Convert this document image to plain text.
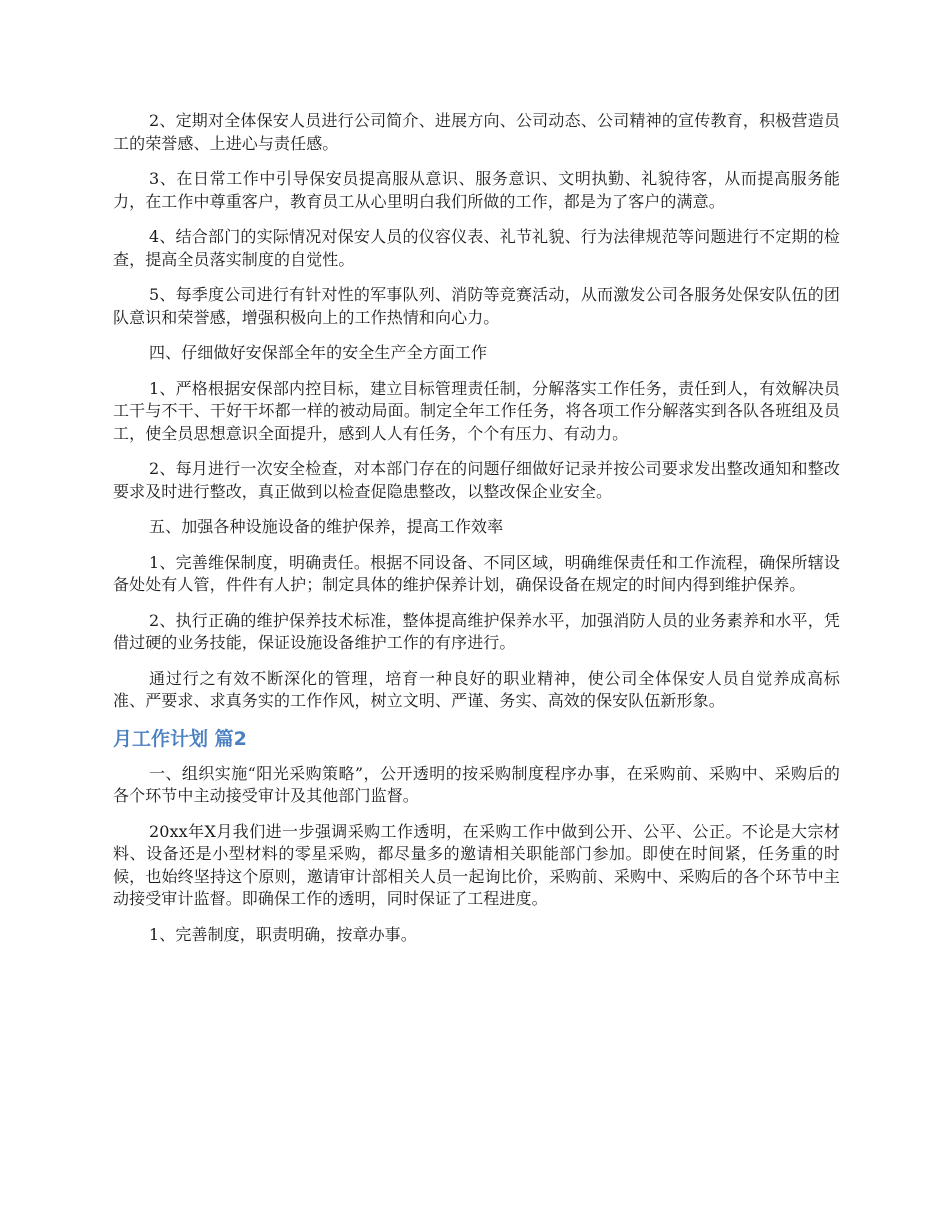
2、定期对全体保安人员进行公司简介、进展方向、公司动态、公司精神的宣传教育，积极营造员工的荣誉感、上进心与责任感。

3、在日常工作中引导保安员提高服从意识、服务意识、文明执勤、礼貌待客，从而提高服务能力，在工作中尊重客户，教育员工从心里明白我们所做的工作，都是为了客户的满意。

4、结合部门的实际情况对保安人员的仪容仪表、礼节礼貌、行为法律规范等问题进行不定期的检查，提高全员落实制度的自觉性。

5、每季度公司进行有针对性的军事队列、消防等竞赛活动，从而激发公司各服务处保安队伍的团队意识和荣誉感，增强积极向上的工作热情和向心力。

四、仔细做好安保部全年的安全生产全方面工作

1、严格根据安保部内控目标，建立目标管理责任制，分解落实工作任务，责任到人，有效解决员工干与不干、干好干坏都一样的被动局面。制定全年工作任务，将各项工作分解落实到各队各班组及员工，使全员思想意识全面提升，感到人人有任务，个个有压力、有动力。

2、每月进行一次安全检查，对本部门存在的问题仔细做好记录并按公司要求发出整改通知和整改要求及时进行整改，真正做到以检查促隐患整改，以整改保企业安全。

五、加强各种设施设备的维护保养，提高工作效率

1、完善维保制度，明确责任。根据不同设备、不同区域，明确维保责任和工作流程，确保所辖设备处处有人管，件件有人护；制定具体的维护保养计划，确保设备在规定的时间内得到维护保养。

2、执行正确的维护保养技术标准，整体提高维护保养水平，加强消防人员的业务素养和水平，凭借过硬的业务技能，保证设施设备维护工作的有序进行。

通过行之有效不断深化的管理，培育一种良好的职业精神，使公司全体保安人员自觉养成高标准、严要求、求真务实的工作作风，树立文明、严谨、务实、高效的保安队伍新形象。

月工作计划 篇2

一、组织实施“阳光采购策略”，公开透明的按采购制度程序办事，在采购前、采购中、采购后的各个环节中主动接受审计及其他部门监督。

20xx年X月我们进一步强调采购工作透明，在采购工作中做到公开、公平、公正。不论是大宗材料、设备还是小型材料的零星采购，都尽量多的邀请相关职能部门参加。即使在时间紧，任务重的时候，也始终坚持这个原则，邀请审计部相关人员一起询比价，采购前、采购中、采购后的各个环节中主动接受审计监督。即确保工作的透明，同时保证了工程进度。

1、完善制度，职责明确，按章办事。
